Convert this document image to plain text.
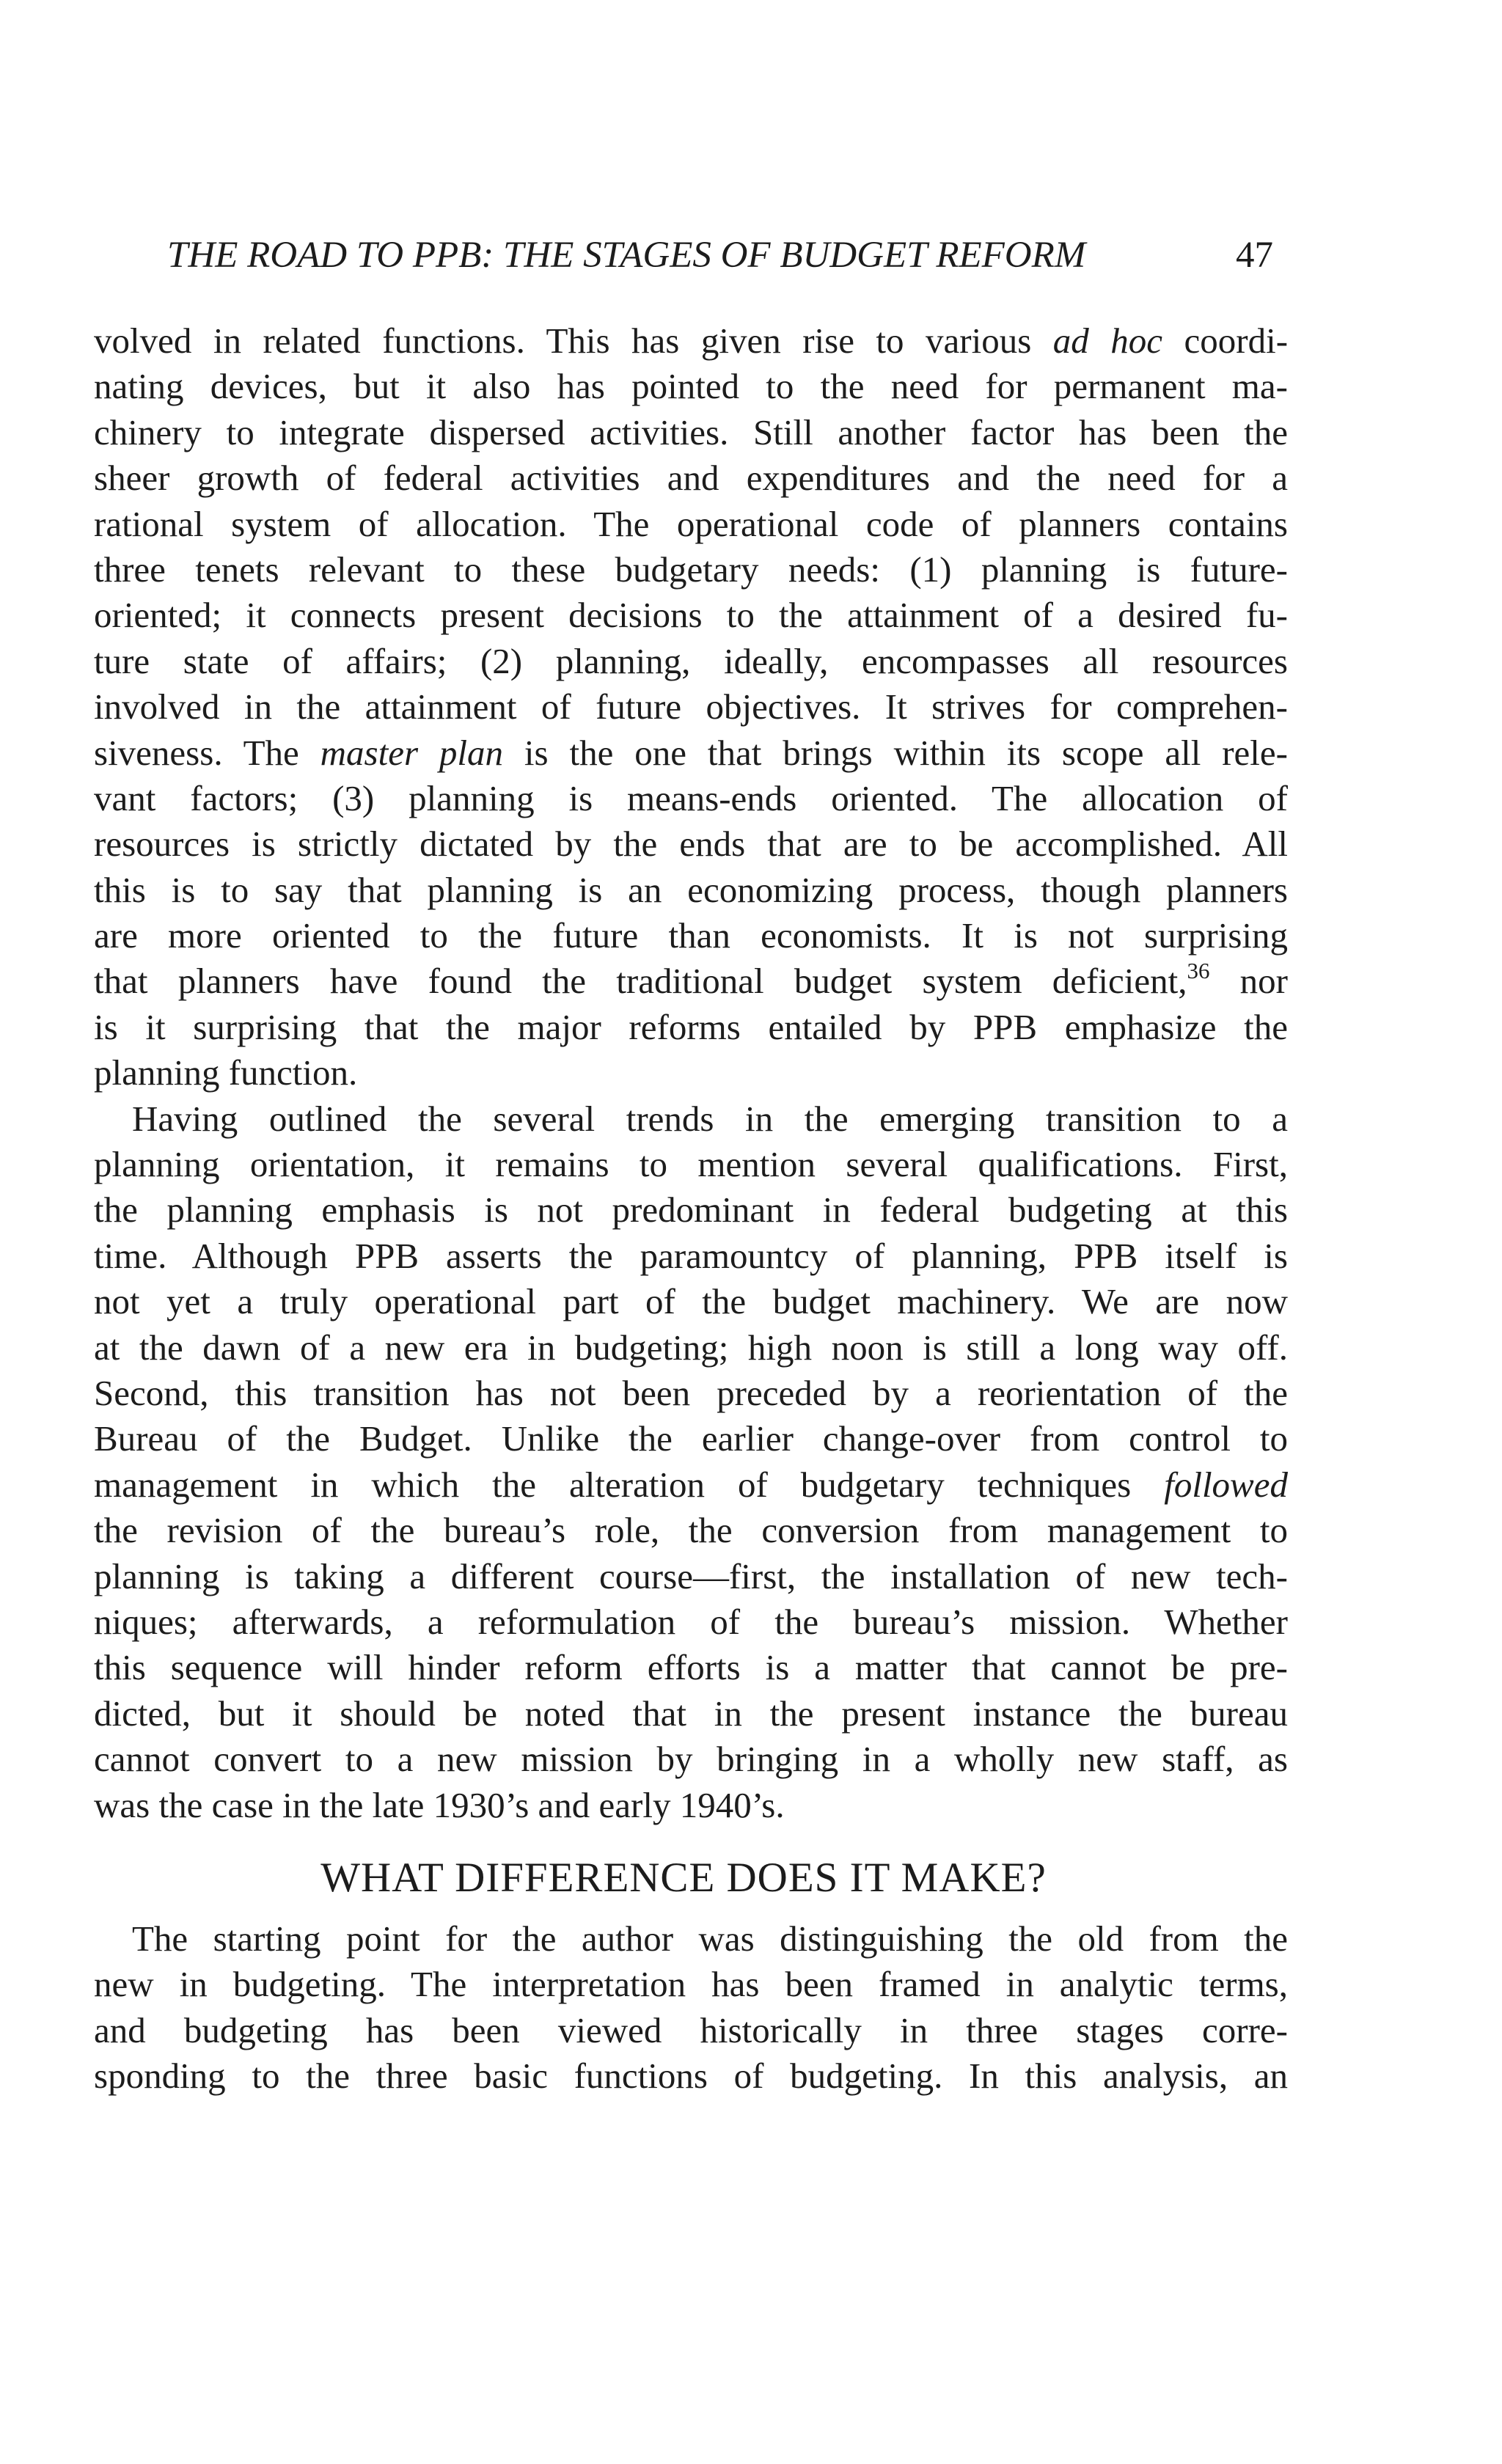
THE ROAD TO PPB: THE STAGES OF BUDGET REFORM	47
volved in related functions. This has given rise to various ad hoc coordi-
nating devices, but it also has pointed to the need for permanent ma-
chinery to integrate dispersed activities. Still another factor has been the
sheer growth of federal activities and expenditures and the need for a
rational system of allocation. The operational code of planners contains
three tenets relevant to these budgetary needs: (1) planning is future-
oriented; it connects present decisions to the attainment of a desired fu-
ture state of affairs; (2) planning, ideally, encompasses all resources
involved in the attainment of future objectives. It strives for comprehen-
siveness. The master plan is the one that brings within its scope all rele-
vant factors; (3) planning is means-ends oriented. The allocation of
resources is strictly dictated by the ends that are to be accomplished. All
this is to say that planning is an economizing process, though planners
are more oriented to the future than economists. It is not surprising
that planners have found the traditional budget system deficient,$^{36}$ nor
is it surprising that the major reforms entailed by PPB emphasize the
planning function.
Having outlined the several trends in the emerging transition to a
planning orientation, it remains to mention several qualifications. First,
the planning emphasis is not predominant in federal budgeting at this
time. Although PPB asserts the paramountcy of planning, PPB itself is
not yet a truly operational part of the budget machinery. We are now
at the dawn of a new era in budgeting; high noon is still a long way off.
Second, this transition has not been preceded by a reorientation of the
Bureau of the Budget. Unlike the earlier change-over from control to
management in which the alteration of budgetary techniques followed
the revision of the bureau’s role, the conversion from management to
planning is taking a different course—first, the installation of new tech-
niques; afterwards, a reformulation of the bureau’s mission. Whether
this sequence will hinder reform efforts is a matter that cannot be pre-
dicted, but it should be noted that in the present instance the bureau
cannot convert to a new mission by bringing in a wholly new staff, as
was the case in the late 1930’s and early 1940’s.
WHAT DIFFERENCE DOES IT MAKE?
The starting point for the author was distinguishing the old from the
new in budgeting. The interpretation has been framed in analytic terms,
and budgeting has been viewed historically in three stages corre-
sponding to the three basic functions of budgeting. In this analysis, an
